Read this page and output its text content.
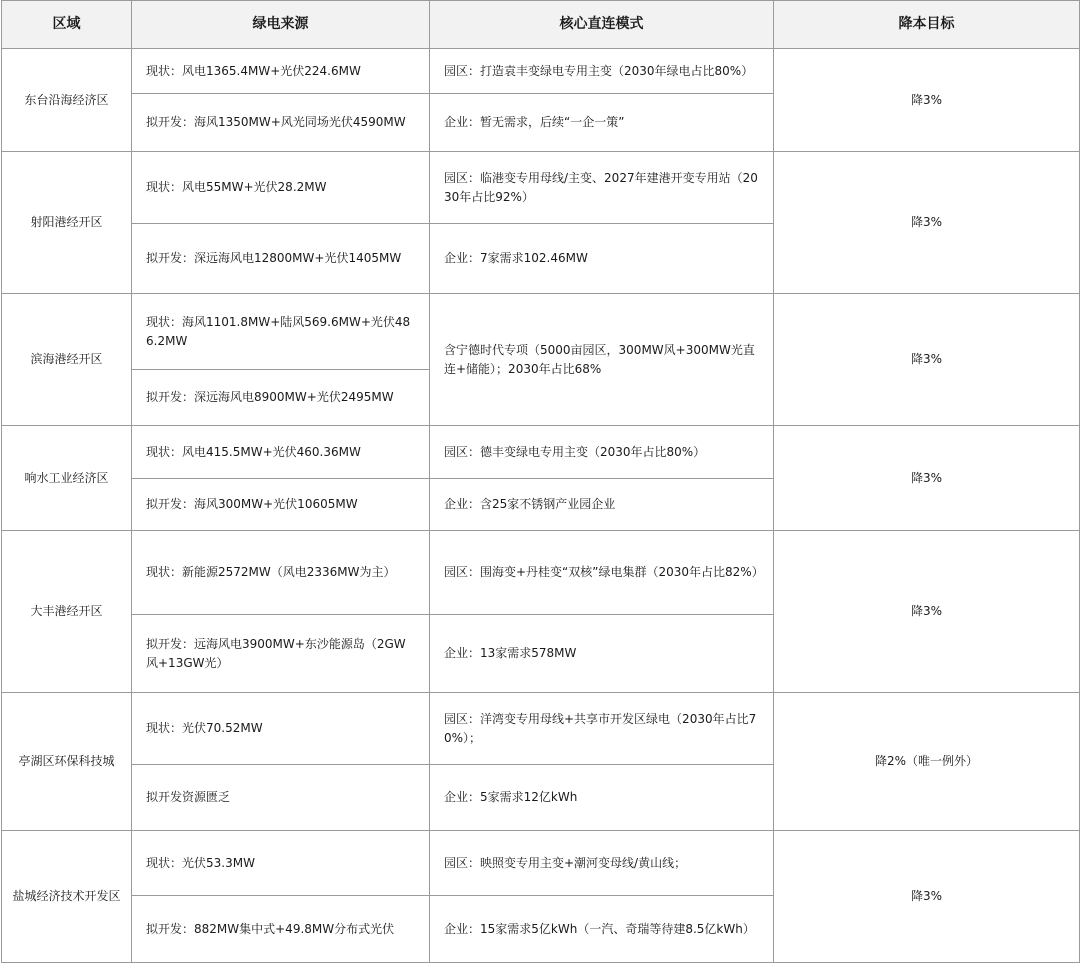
区域	绿电来源	核心直连模式	降本目标
东台沿海经济区	现状：风电1365.4MW+光伏224.6MW	园区：打造袁丰变绿电专用主变（2030年绿电占比80%）	降3%
	拟开发：海风1350MW+风光同场光伏4590MW	企业：暂无需求，后续“一企一策”	
射阳港经开区	现状：风电55MW+光伏28.2MW	园区：临港变专用母线/主变、2027年建港开变专用站（2030年占比92%）	降3%
	拟开发：深远海风电12800MW+光伏1405MW	企业：7家需求102.46MW	
滨海港经开区	现状：海风1101.8MW+陆风569.6MW+光伏486.2MW	含宁德时代专项（5000亩园区，300MW风+300MW光直连+储能）；2030年占比68%	降3%
	拟开发：深远海风电8900MW+光伏2495MW		
响水工业经济区	现状：风电415.5MW+光伏460.36MW	园区：德丰变绿电专用主变（2030年占比80%）	降3%
	拟开发：海风300MW+光伏10605MW	企业：含25家不锈钢产业园企业	
大丰港经开区	现状：新能源2572MW（风电2336MW为主）	园区：围海变+丹桂变“双核”绿电集群（2030年占比82%）	降3%
	拟开发：远海风电3900MW+东沙能源岛（2GW风+13GW光）	企业：13家需求578MW	
亭湖区环保科技城	现状：光伏70.52MW	园区：洋湾变专用母线+共享市开发区绿电（2030年占比70%）；	降2%（唯一例外）
	拟开发资源匮乏	企业：5家需求12亿kWh	
盐城经济技术开发区	现状：光伏53.3MW	园区：映照变专用主变+潮河变母线/黄山线；	降3%
	拟开发：882MW集中式+49.8MW分布式光伏	企业：15家需求5亿kWh（一汽、奇瑞等待建8.5亿kWh）	
